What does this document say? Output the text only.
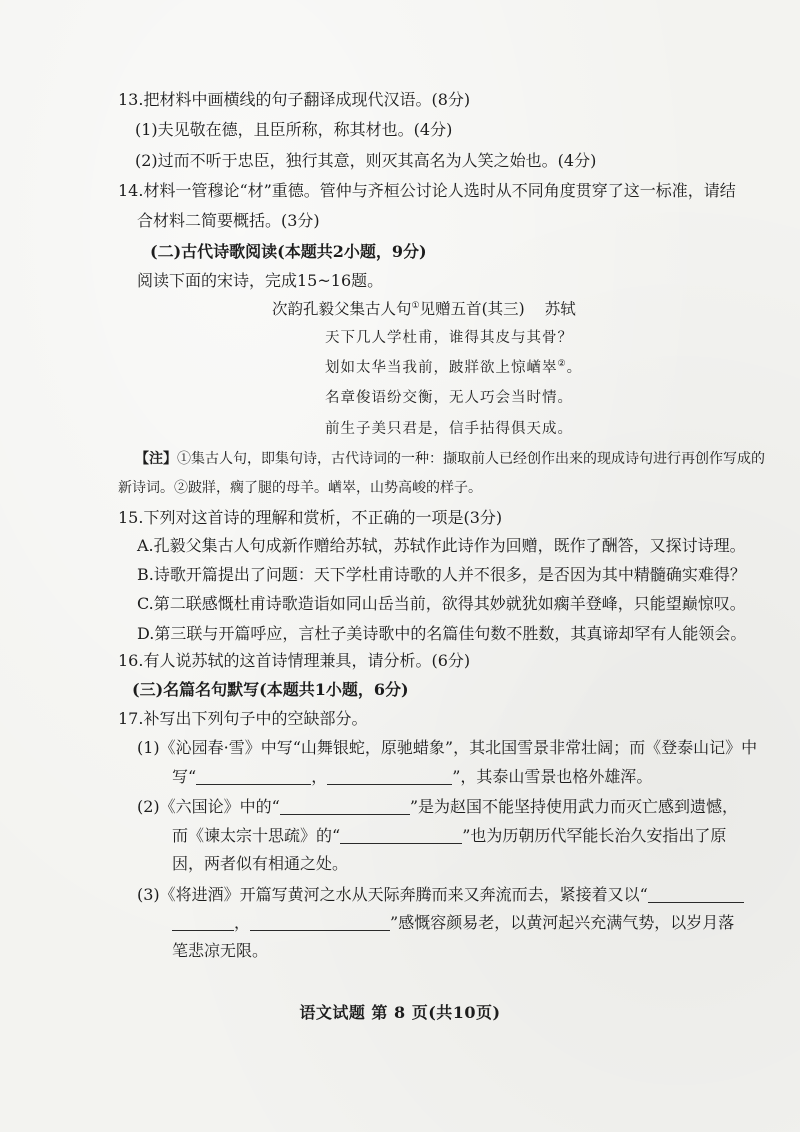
13.把材料中画横线的句子翻译成现代汉语。(8分)
(1)夫见敬在德，且臣所称，称其材也。(4分)
(2)过而不听于忠臣，独行其意，则灭其高名为人笑之始也。(4分)
14.材料一管穆论“材”重德。管仲与齐桓公讨论人选时从不同角度贯穿了这一标准，请结
合材料二简要概括。(3分)
(二)古代诗歌阅读(本题共2小题，9分)
阅读下面的宋诗，完成15~16题。
次韵孔毅父集古人句①见赠五首(其三) 苏轼
天下几人学杜甫，谁得其皮与其骨？
划如太华当我前，跛牂欲上惊崷崒②。
名章俊语纷交衡，无人巧会当时情。
前生子美只君是，信手拈得俱天成。
【注】①集古人句，即集句诗，古代诗词的一种：撷取前人已经创作出来的现成诗句进行再创作写成的
新诗词。②跛牂，瘸了腿的母羊。崷崒，山势高峻的样子。
15.下列对这首诗的理解和赏析，不正确的一项是(3分)
A.孔毅父集古人句成新作赠给苏轼，苏轼作此诗作为回赠，既作了酬答，又探讨诗理。
B.诗歌开篇提出了问题：天下学杜甫诗歌的人并不很多，是否因为其中精髓确实难得？
C.第二联感慨杜甫诗歌造诣如同山岳当前，欲得其妙就犹如瘸羊登峰，只能望巅惊叹。
D.第三联与开篇呼应，言杜子美诗歌中的名篇佳句数不胜数，其真谛却罕有人能领会。
16.有人说苏轼的这首诗情理兼具，请分析。(6分)
(三)名篇名句默写(本题共1小题，6分)
17.补写出下列句子中的空缺部分。
(1)《沁园春·雪》中写“山舞银蛇，原驰蜡象”，其北国雪景非常壮阔；而《登泰山记》中
写“	，	”，其泰山雪景也格外雄浑。
(2)《六国论》中的“	”是为赵国不能坚持使用武力而灭亡感到遗憾，
而《谏太宗十思疏》的“	”也为历朝历代罕能长治久安指出了原
因，两者似有相通之处。
(3)《将进酒》开篇写黄河之水从天际奔腾而来又奔流而去，紧接着又以“
，	”感慨容颜易老，以黄河起兴充满气势，以岁月落
笔悲凉无限。
语文试题 第 8 页(共10页)
